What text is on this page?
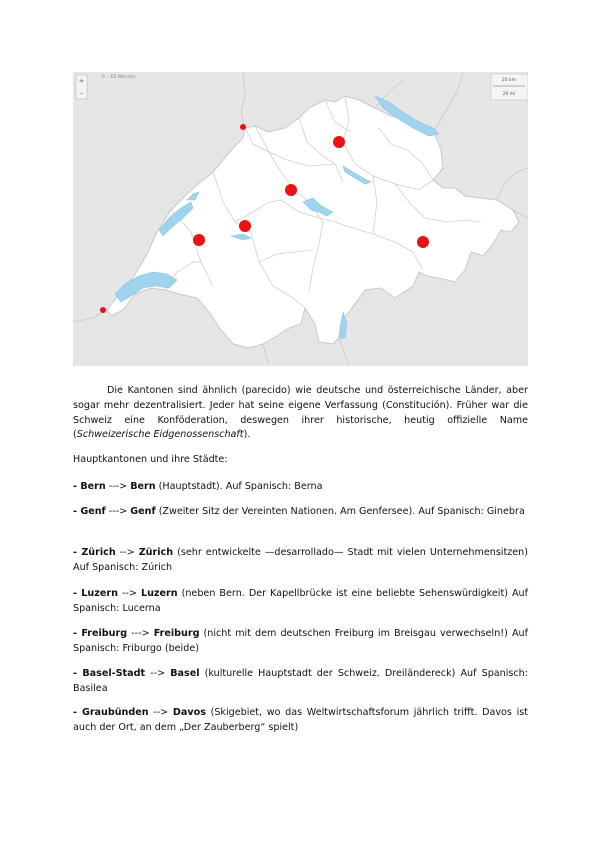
+
–
© – EE Monster
20 km
20 mi
Die Kantonen sind ähnlich (parecido) wie deutsche und österreichische Länder, aber sogar mehr dezentralisiert. Jeder hat seine eigene Verfassung (Constitución). Früher war die Schweiz eine Konföderation, deswegen ihrer historische, heutig offizielle Name (Schweizerische Eidgenossenschaft).
Hauptkantonen und ihre Städte:
- Bern ---> Bern (Hauptstadt). Auf Spanisch: Berna
- Genf ---> Genf (Zweiter Sitz der Vereinten Nationen. Am Genfersee). Auf Spanisch: Ginebra
- Zürich --> Zürich (sehr entwickelte —desarrollado— Stadt mit vielen Unternehmensitzen) Auf Spanisch: Zúrich
- Luzern --> Luzern (neben Bern. Der Kapellbrücke ist eine beliebte Sehenswürdigkeit) Auf Spanisch: Lucerna
- Freiburg ---> Freiburg (nicht mit dem deutschen Freiburg im Breisgau verwechseln!) Auf Spanisch: Friburgo (beide)
- Basel-Stadt --> Basel (kulturelle Hauptstadt der Schweiz. Dreiländereck) Auf Spanisch: Basilea
- Graubünden --> Davos (Skigebiet, wo das Weltwirtschaftsforum jährlich trifft. Davos ist auch der Ort, an dem „Der Zauberberg“ spielt)
